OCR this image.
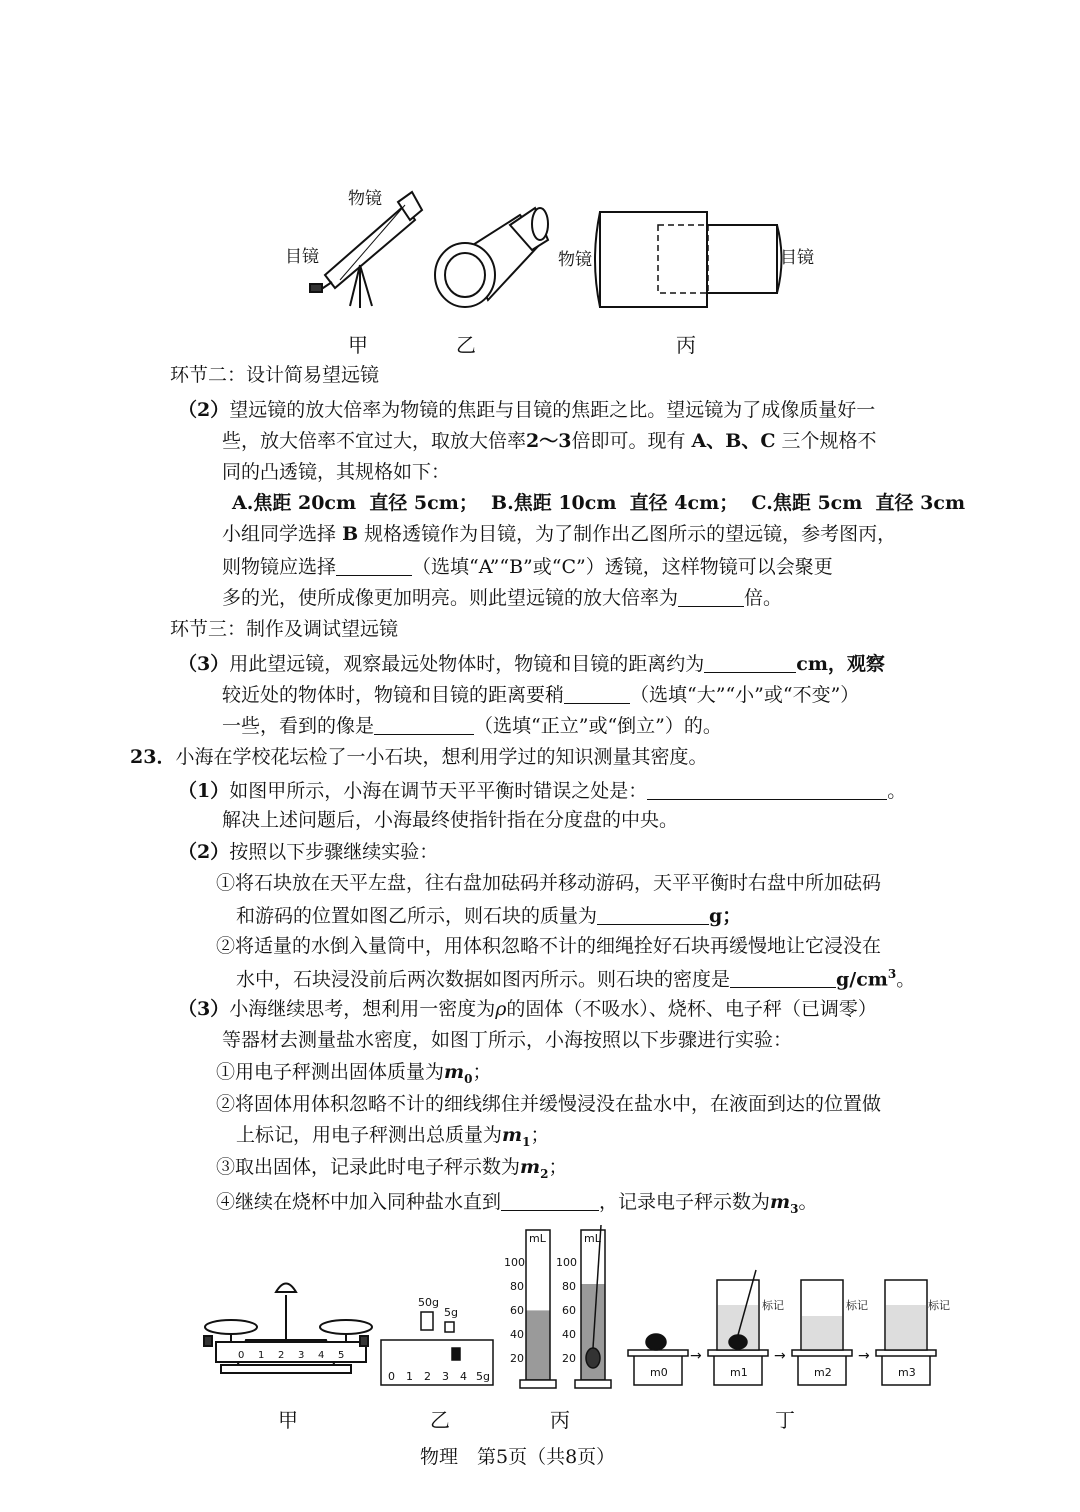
物镜
目镜	物镜	目镜
甲	乙	丙
环节二：设计简易望远镜
（2）望远镜的放大倍率为物镜的焦距与目镜的焦距之比。望远镜为了成像质量好一
些，放大倍率不宜过大，取放大倍率2～3倍即可。现有 A、B、C 三个规格不
同的凸透镜，其规格如下：
A.焦距 20cm  直径 5cm；  B.焦距 10cm  直径 4cm；  C.焦距 5cm  直径 3cm
小组同学选择 B 规格透镜作为目镜，为了制作出乙图所示的望远镜，参考图丙，
则物镜应选择	（选填“A”“B”或“C”）透镜，这样物镜可以会聚更
多的光，使所成像更加明亮。则此望远镜的放大倍率为	倍。
环节三：制作及调试望远镜
（3）用此望远镜，观察最远处物体时，物镜和目镜的距离约为	cm，观察
较近处的物体时，物镜和目镜的距离要稍	（选填“大”“小”或“不变”）
一些，看到的像是	（选填“正立”或“倒立”）的。
23．小海在学校花坛检了一小石块，想利用学过的知识测量其密度。
（1）如图甲所示，小海在调节天平平衡时错误之处是：	。
解决上述问题后，小海最终使指针指在分度盘的中央。
（2）按照以下步骤继续实验：
①将石块放在天平左盘，往右盘加砝码并移动游码，天平平衡时右盘中所加砝码
和游码的位置如图乙所示，则石块的质量为	g；
②将适量的水倒入量筒中，用体积忽略不计的细绳拴好石块再缓慢地让它浸没在
水中，石块浸没前后两次数据如图丙所示。则石块的密度是	$g/cm^3$。
（3）小海继续思考，想利用一密度为ρ的固体（不吸水）、烧杯、电子秤（已调零）
等器材去测量盐水密度，如图丁所示，小海按照以下步骤进行实验：
①用电子秤测出固体质量为$m_0$；
②将固体用体积忽略不计的细线绑住并缓慢浸没在盐水中，在液面到达的位置做
上标记，用电子秤测出总质量为$m_1$；
③取出固体，记录此时电子秤示数为$m_2$；
④继续在烧杯中加入同种盐水直到	，记录电子秤示数为$m_3$。
0 1 2 3 4 5
50g
5g
0 1 2 3 4 5g
mL
100
80
60
40
20
mL
100
80
60
40
20
m0
→
m1
标记
→
m2
标记
→
m3
标记
甲	乙	丙	丁
物理　第5页（共8页）
